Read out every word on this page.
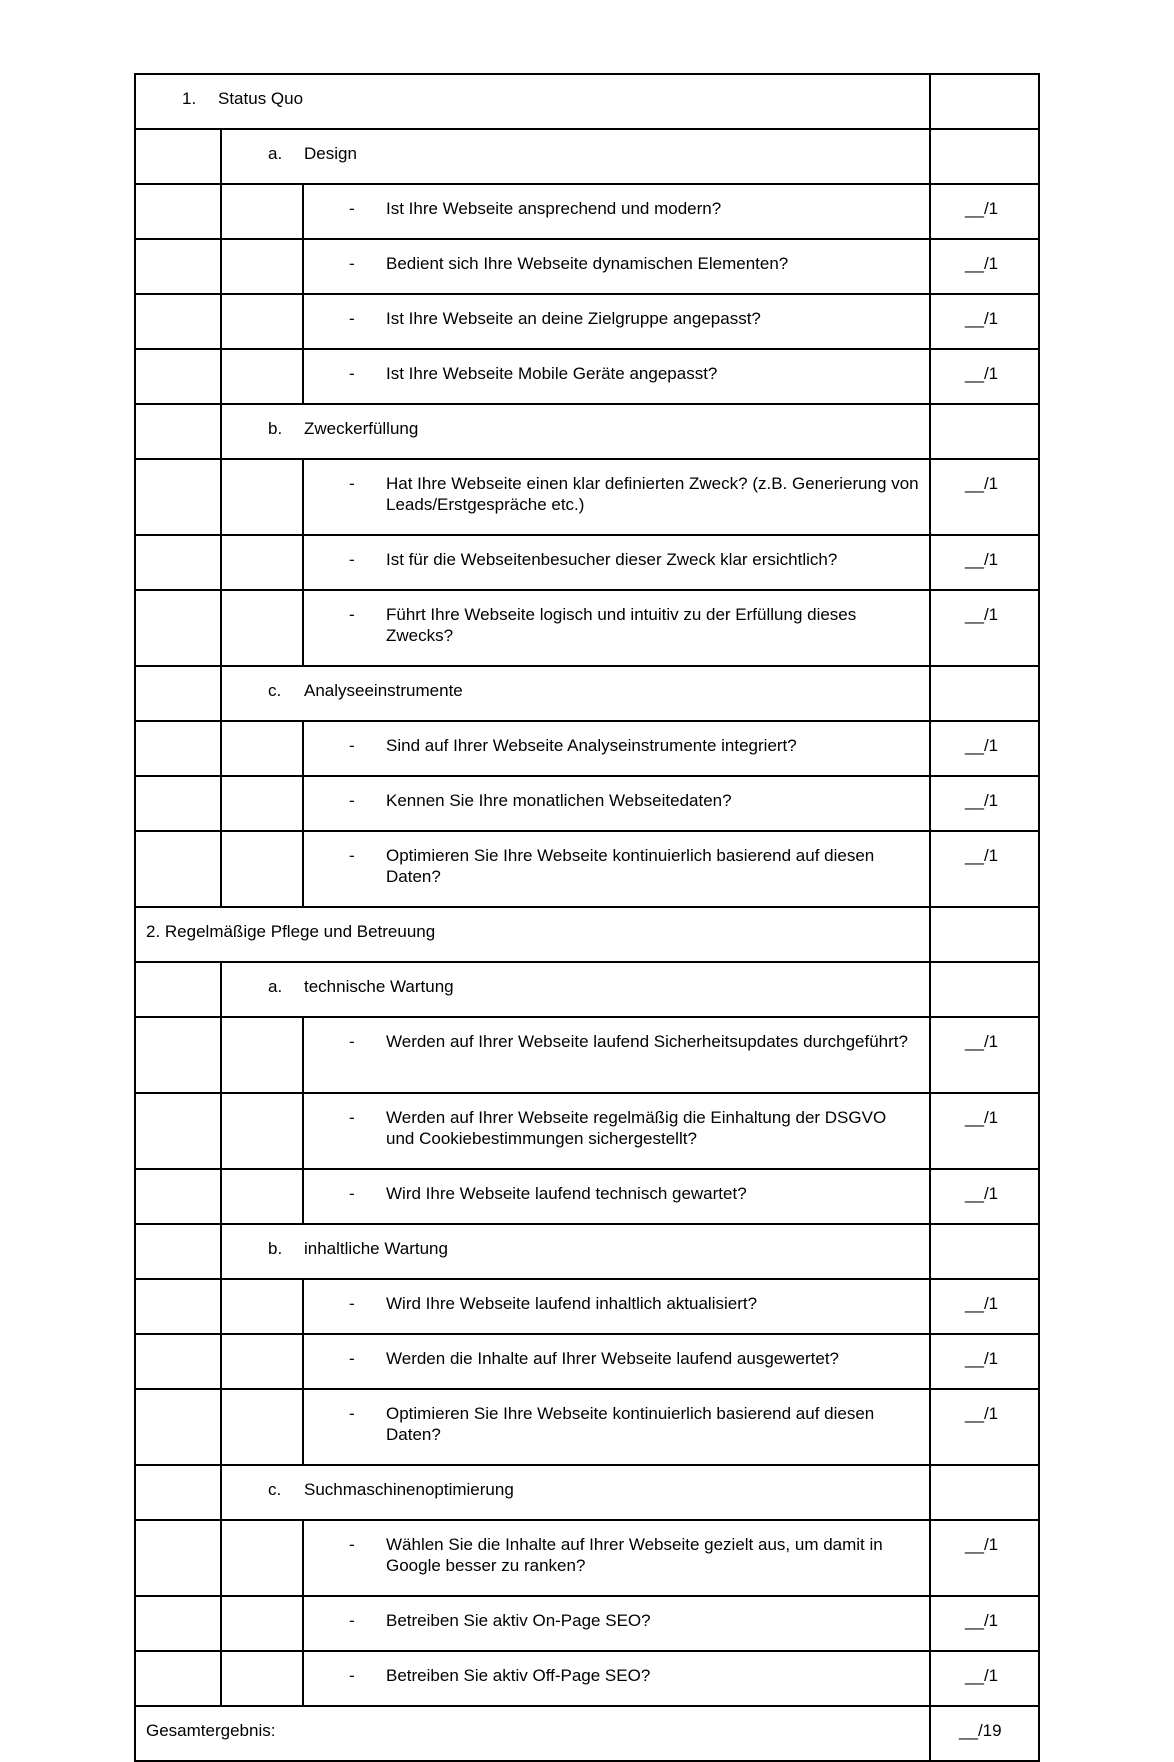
1. Status Quo			
	a. Design		

		- Ist Ihre Webseite ansprechend und modern?	__/1

		- Bedient sich Ihre Webseite dynamischen Elementen?	__/1

		- Ist Ihre Webseite an deine Zielgruppe angepasst?	__/1

		- Ist Ihre Webseite Mobile Geräte angepasst?	__/1
	b. Zweckerfüllung		

		- Hat Ihre Webseite einen klar definierten Zweck? (z.B. Generierung von Leads/Erstgespräche etc.)	__/1

		- Ist für die Webseitenbesucher dieser Zweck klar ersichtlich?	__/1

		- Führt Ihre Webseite logisch und intuitiv zu der Erfüllung dieses Zwecks?	__/1
	c. Analyseeinstrumente		

		- Sind auf Ihrer Webseite Analyseinstrumente integriert?	__/1

		- Kennen Sie Ihre monatlichen Webseitedaten?	__/1

		- Optimieren Sie Ihre Webseite kontinuierlich basierend auf diesen Daten?	__/1
2. Regelmäßige Pflege und Betreuung			
	a. technische Wartung		

		- Werden auf Ihrer Webseite laufend Sicherheitsupdates durchgeführt?	__/1

		- Werden auf Ihrer Webseite regelmäßig die Einhaltung der DSGVO und Cookiebestimmungen sichergestellt?	__/1

		- Wird Ihre Webseite laufend technisch gewartet?	__/1
	b. inhaltliche Wartung		

		- Wird Ihre Webseite laufend inhaltlich aktualisiert?	__/1

		- Werden die Inhalte auf Ihrer Webseite laufend ausgewertet?	__/1

		- Optimieren Sie Ihre Webseite kontinuierlich basierend auf diesen Daten?	__/1
	c. Suchmaschinenoptimierung		

		- Wählen Sie die Inhalte auf Ihrer Webseite gezielt aus, um damit in Google besser zu ranken?	__/1

		- Betreiben Sie aktiv On-Page SEO?	__/1

		- Betreiben Sie aktiv Off-Page SEO?	__/1
Gesamtergebnis:			__/19
